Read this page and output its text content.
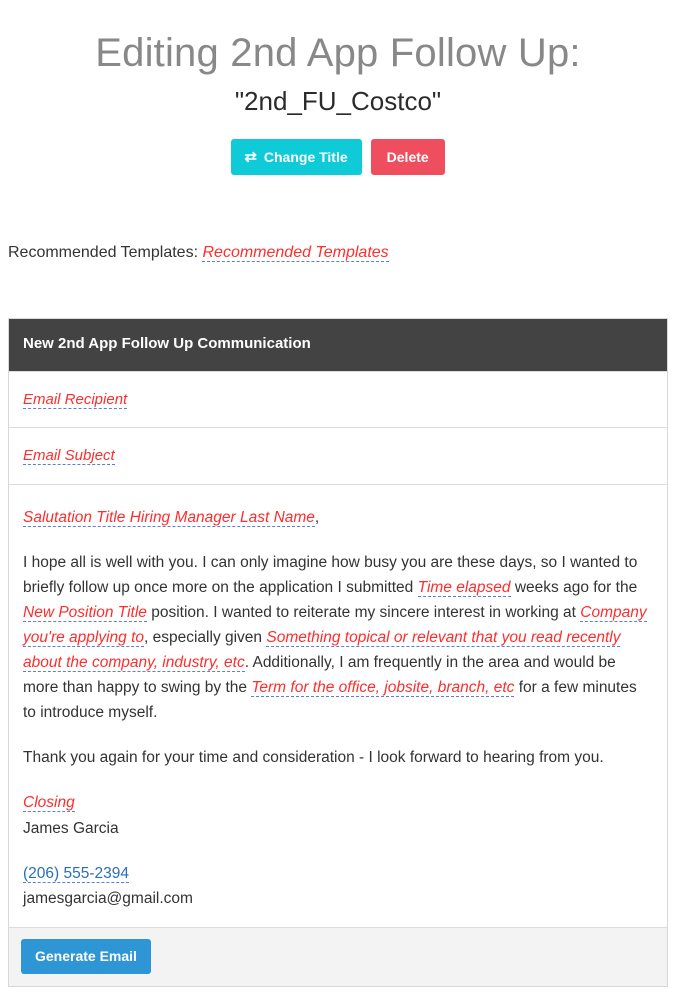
Editing 2nd App Follow Up:
"2nd_FU_Costco"
⇄ Change Title	Delete
Recommended Templates: Recommended Templates
New 2nd App Follow Up Communication
Email Recipient
Email Subject

Salutation Title Hiring Manager Last Name,

I hope all is well with you. I can only imagine how busy you are these days, so I wanted to briefly follow up once more on the application I submitted Time elapsed weeks ago for the New Position Title position. I wanted to reiterate my sincere interest in working at Company you're applying to, especially given Something topical or relevant that you read recently about the company, industry, etc. Additionally, I am frequently in the area and would be more than happy to swing by the Term for the office, jobsite, branch, etc for a few minutes to introduce myself.

Thank you again for your time and consideration - I look forward to hearing from you.

Closing
James Garcia

(206) 555-2394
jamesgarcia@gmail.com

Generate Email
